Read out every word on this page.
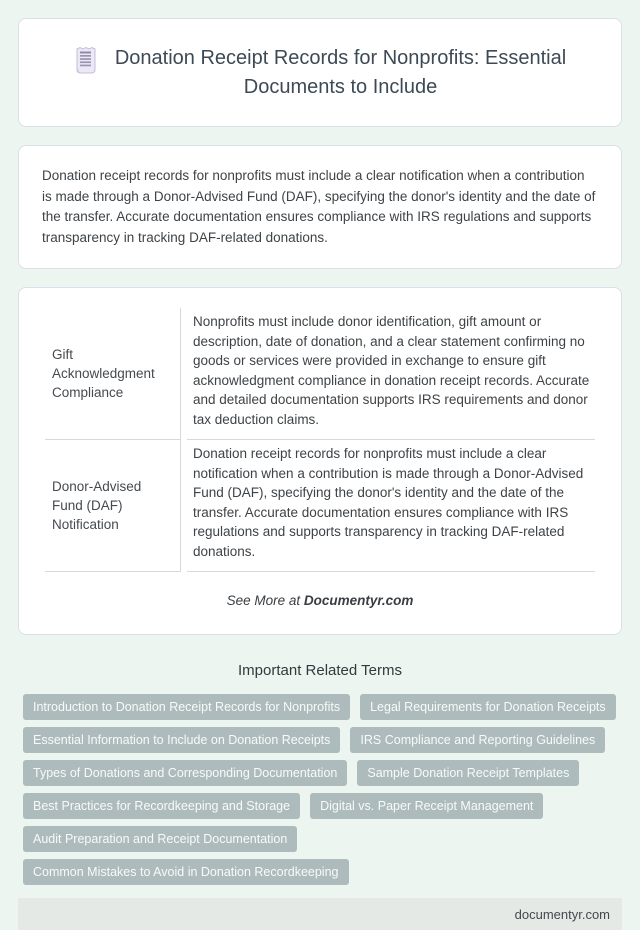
Donation Receipt Records for Nonprofits: Essential Documents to Include

Donation receipt records for nonprofits must include a clear notification when a contribution is made through a Donor-Advised Fund (DAF), specifying the donor's identity and the date of the transfer. Accurate documentation ensures compliance with IRS regulations and supports transparency in tracking DAF-related donations.

Gift Acknowledgment Compliance	Nonprofits must include donor identification, gift amount or description, date of donation, and a clear statement confirming no goods or services were provided in exchange to ensure gift acknowledgment compliance in donation receipt records. Accurate and detailed documentation supports IRS requirements and donor tax deduction claims.
Donor-Advised Fund (DAF) Notification	Donation receipt records for nonprofits must include a clear notification when a contribution is made through a Donor-Advised Fund (DAF), specifying the donor's identity and the date of the transfer. Accurate documentation ensures compliance with IRS regulations and supports transparency in tracking DAF-related donations.
See More at Documentyr.com
Important Related Terms
Introduction to Donation Receipt Records for Nonprofits	Legal Requirements for Donation Receipts
Essential Information to Include on Donation Receipts	IRS Compliance and Reporting Guidelines
Types of Donations and Corresponding Documentation	Sample Donation Receipt Templates
Best Practices for Recordkeeping and Storage	Digital vs. Paper Receipt Management
Audit Preparation and Receipt Documentation
Common Mistakes to Avoid in Donation Recordkeeping
documentyr.com
